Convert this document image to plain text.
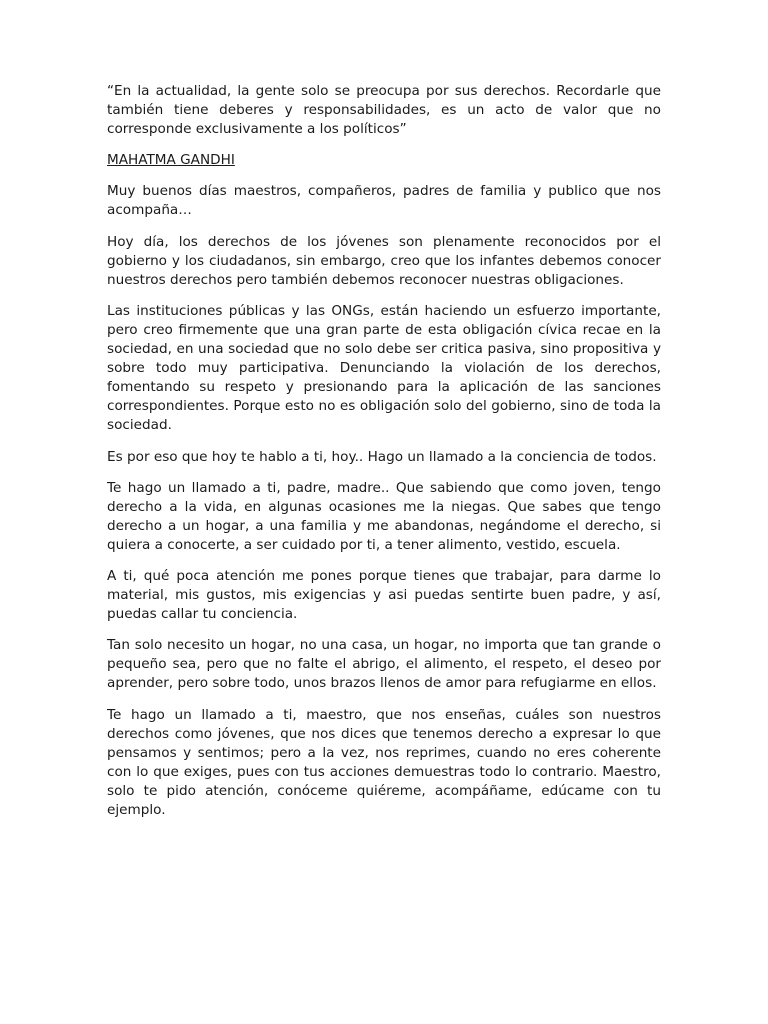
“En la actualidad, la gente solo se preocupa por sus derechos. Recordarle que también tiene deberes y responsabilidades, es un acto de valor que no corresponde exclusivamente a los políticos”

MAHATMA GANDHI

Muy buenos días maestros, compañeros, padres de familia y publico que nos acompaña…

Hoy día, los derechos de los jóvenes son plenamente reconocidos por el gobierno y los ciudadanos, sin embargo, creo que los infantes debemos conocer nuestros derechos pero también debemos reconocer nuestras obligaciones.

Las instituciones públicas y las ONGs, están haciendo un esfuerzo importante, pero creo firmemente que una gran parte de esta obligación cívica recae en la sociedad, en una sociedad que no solo debe ser critica pasiva, sino propositiva y sobre todo muy participativa. Denunciando la violación de los derechos, fomentando su respeto y presionando para la aplicación de las sanciones correspondientes. Porque esto no es obligación solo del gobierno, sino de toda la sociedad.

Es por eso que hoy te hablo a ti, hoy.. Hago un llamado a la conciencia de todos.

Te hago un llamado a ti, padre, madre.. Que sabiendo que como joven, tengo derecho a la vida, en algunas ocasiones me la niegas. Que sabes que tengo derecho a un hogar, a una familia y me abandonas, negándome el derecho, si quiera a conocerte, a ser cuidado por ti, a tener alimento, vestido, escuela.

A ti, qué poca atención me pones porque tienes que trabajar, para darme lo material, mis gustos, mis exigencias y asi puedas sentirte buen padre, y así, puedas callar tu conciencia.

Tan solo necesito un hogar, no una casa, un hogar, no importa que tan grande o pequeño sea, pero que no falte el abrigo, el alimento, el respeto, el deseo por aprender, pero sobre todo, unos brazos llenos de amor para refugiarme en ellos.

Te hago un llamado a ti, maestro, que nos enseñas, cuáles son nuestros derechos como jóvenes, que nos dices que tenemos derecho a expresar lo que pensamos y sentimos; pero a la vez, nos reprimes, cuando no eres coherente con lo que exiges, pues con tus acciones demuestras todo lo contrario. Maestro, solo te pido atención, conóceme quiéreme, acompáñame, edúcame con tu ejemplo.
